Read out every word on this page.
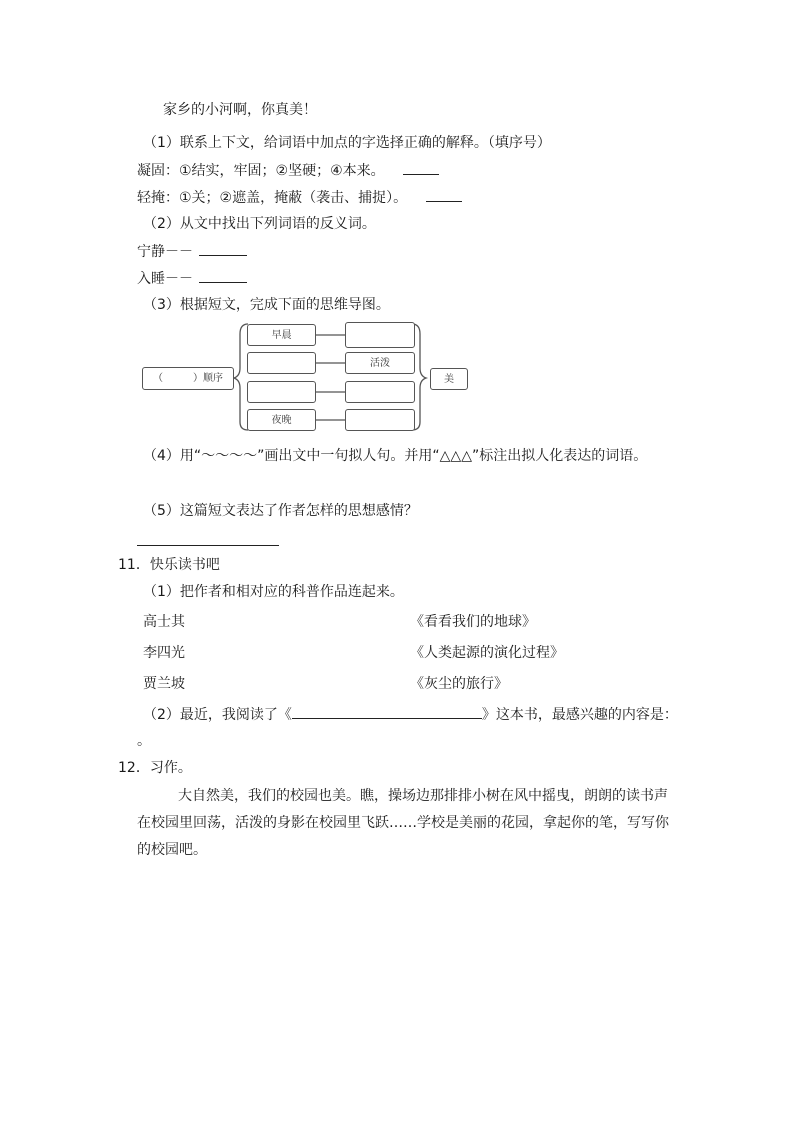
家乡的小河啊，你真美！
（1）联系上下文，给词语中加点的字选择正确的解释。（填序号）
凝固：①结实，牢固；②坚硬；④本来。
轻掩：①关；②遮盖，掩蔽（袭击、捕捉）。
（2）从文中找出下列词语的反义词。
宁静－－
入睡－－
（3）根据短文，完成下面的思维导图。
（　　　）顺序
早晨
夜晚
活泼
美
（4）用“～～～～”画出文中一句拟人句。并用“△△△”标注出拟人化表达的词语。
（5）这篇短文表达了作者怎样的思想感情？
11．快乐读书吧
（1）把作者和相对应的科普作品连起来。
高士其
李四光
贾兰坡
《看看我们的地球》
《人类起源的演化过程》
《灰尘的旅行》
（2）最近，我阅读了《	》这本书，最感兴趣的内容是：
。
12．习作。
大自然美，我们的校园也美。瞧，操场边那排排小树在风中摇曳，朗朗的读书声
在校园里回荡，活泼的身影在校园里飞跃……学校是美丽的花园，拿起你的笔，写写你
的校园吧。
